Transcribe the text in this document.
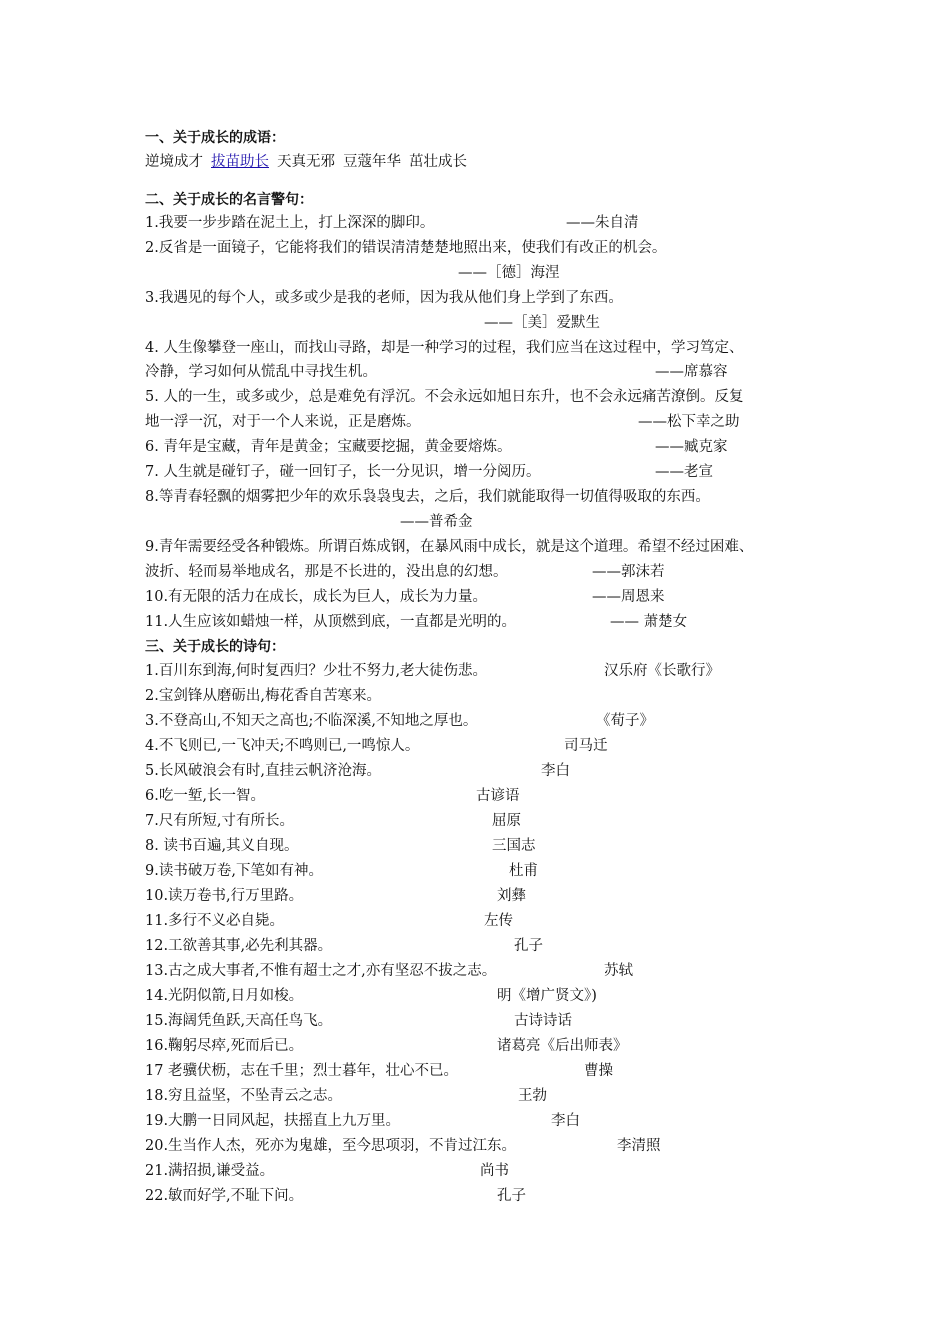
一、关于成长的成语：
逆境成才 拔苗助长 天真无邪 豆蔻年华 茁壮成长
二、关于成长的名言警句：
1.我要一步步踏在泥土上，打上深深的脚印。	——朱自清
2.反省是一面镜子，它能将我们的错误清清楚楚地照出来，使我们有改正的机会。
——［德］海涅
3.我遇见的每个人，或多或少是我的老师，因为我从他们身上学到了东西。
——［美］爱默生
4. 人生像攀登一座山，而找山寻路，却是一种学习的过程，我们应当在这过程中，学习笃定、
冷静，学习如何从慌乱中寻找生机。	——席慕容
5. 人的一生，或多或少，总是难免有浮沉。不会永远如旭日东升，也不会永远痛苦潦倒。反复
地一浮一沉，对于一个人来说，正是磨炼。	——松下幸之助
6. 青年是宝藏，青年是黄金；宝藏要挖掘，黄金要熔炼。	——臧克家
7. 人生就是碰钉子，碰一回钉子，长一分见识，增一分阅历。	——老宣
8.等青春轻飘的烟雾把少年的欢乐袅袅曳去，之后，我们就能取得一切值得吸取的东西。
——普希金
9.青年需要经受各种锻炼。所谓百炼成钢，在暴风雨中成长，就是这个道理。希望不经过困难、
波折、轻而易举地成名，那是不长进的，没出息的幻想。	——郭沫若
10.有无限的活力在成长，成长为巨人，成长为力量。	——周恩来
11.人生应该如蜡烛一样，从顶燃到底，一直都是光明的。	—— 萧楚女
三、关于成长的诗句：
1.百川东到海,何时复西归？少壮不努力,老大徒伤悲。	汉乐府《长歌行》
2.宝剑锋从磨砺出,梅花香自苦寒来。
3.不登高山,不知天之高也;不临深溪,不知地之厚也。	《荀子》
4.不飞则已,一飞冲天;不鸣则已,一鸣惊人。	司马迁
5.长风破浪会有时,直挂云帆济沧海。	李白
6.吃一堑,长一智。	古谚语
7.尺有所短,寸有所长。	屈原
8. 读书百遍,其义自现。	三国志
9.读书破万卷,下笔如有神。	杜甫
10.读万卷书,行万里路。	刘彝
11.多行不义必自毙。	左传
12.工欲善其事,必先利其器。	孔子
13.古之成大事者,不惟有超士之才,亦有坚忍不拔之志。	苏轼
14.光阴似箭,日月如梭。	明《增广贤文》)
15.海阔凭鱼跃,天高任鸟飞。	古诗诗话
16.鞠躬尽瘁,死而后已。	诸葛亮《后出师表》
17 老骥伏枥，志在千里；烈士暮年，壮心不已。	曹操
18.穷且益坚，不坠青云之志。	王勃
19.大鹏一日同风起，扶摇直上九万里。	李白
20.生当作人杰，死亦为鬼雄，至今思项羽，不肯过江东。	李清照
21.满招损,谦受益。	尚书
22.敏而好学,不耻下问。	孔子
